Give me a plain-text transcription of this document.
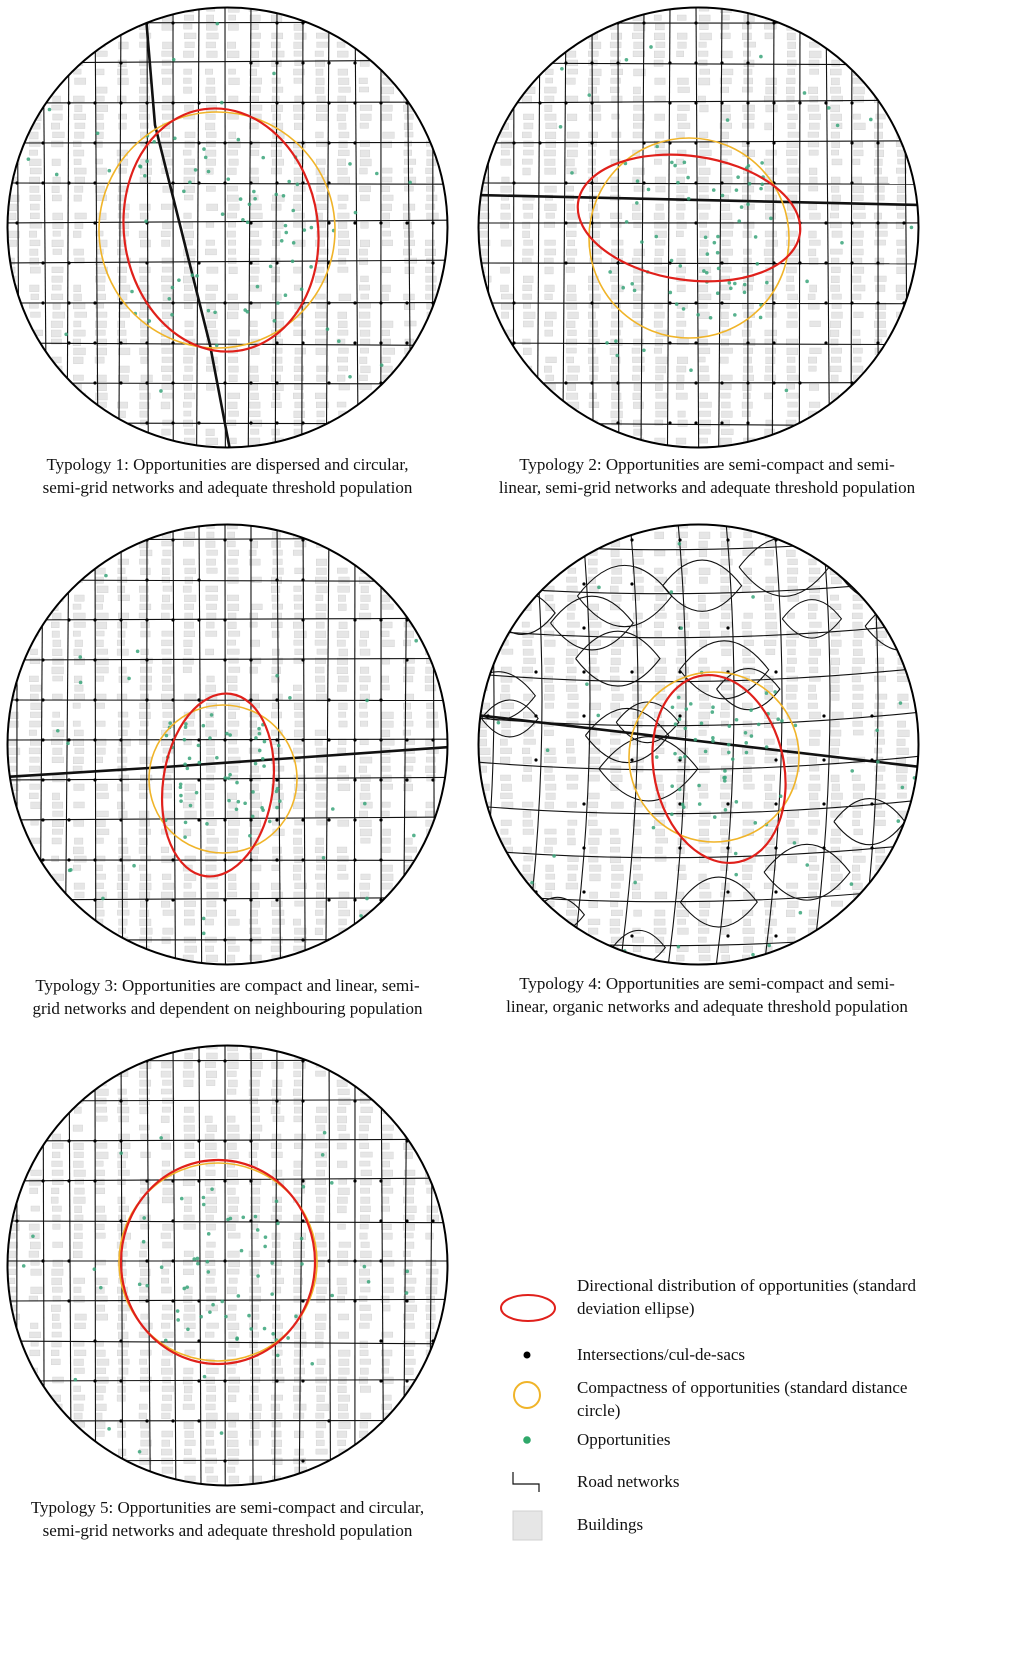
Typology 1: Opportunities are dispersed and circular,
semi-grid networks and adequate threshold population
Typology 2: Opportunities are semi-compact and semi-
linear, semi-grid networks and adequate threshold population
Typology 3: Opportunities are compact and linear, semi-
grid networks and dependent on neighbouring population
Typology 4: Opportunities are semi-compact and semi-
linear, organic networks and adequate threshold population
Typology 5: Opportunities are semi-compact and circular,
semi-grid networks and adequate threshold population
Directional distribution of opportunities (standard
deviation ellipse)
Intersections/cul-de-sacs
Compactness of opportunities (standard distance
circle)
Opportunities
Road networks
Buildings
